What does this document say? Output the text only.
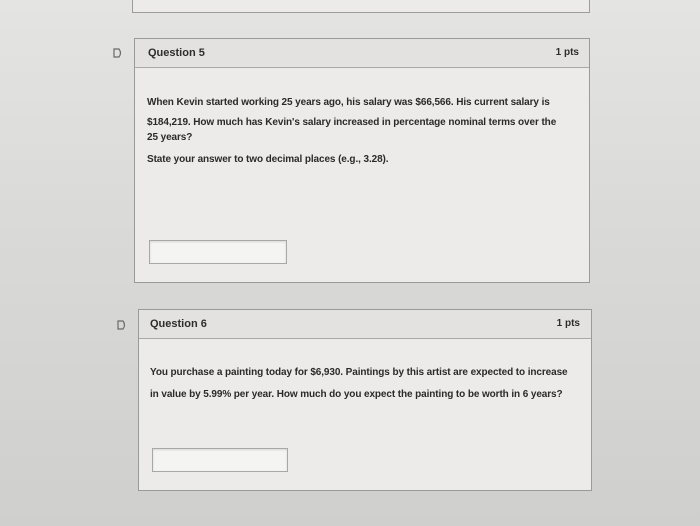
Question 5	1 pts

When Kevin started working 25 years ago, his salary was $66,566. His current salary is

$184,219. How much has Kevin's salary increased in percentage nominal terms over the

25 years?

State your answer to two decimal places (e.g., 3.28).

Question 6	1 pts

You purchase a painting today for $6,930. Paintings by this artist are expected to increase

in value by 5.99% per year. How much do you expect the painting to be worth in 6 years?
